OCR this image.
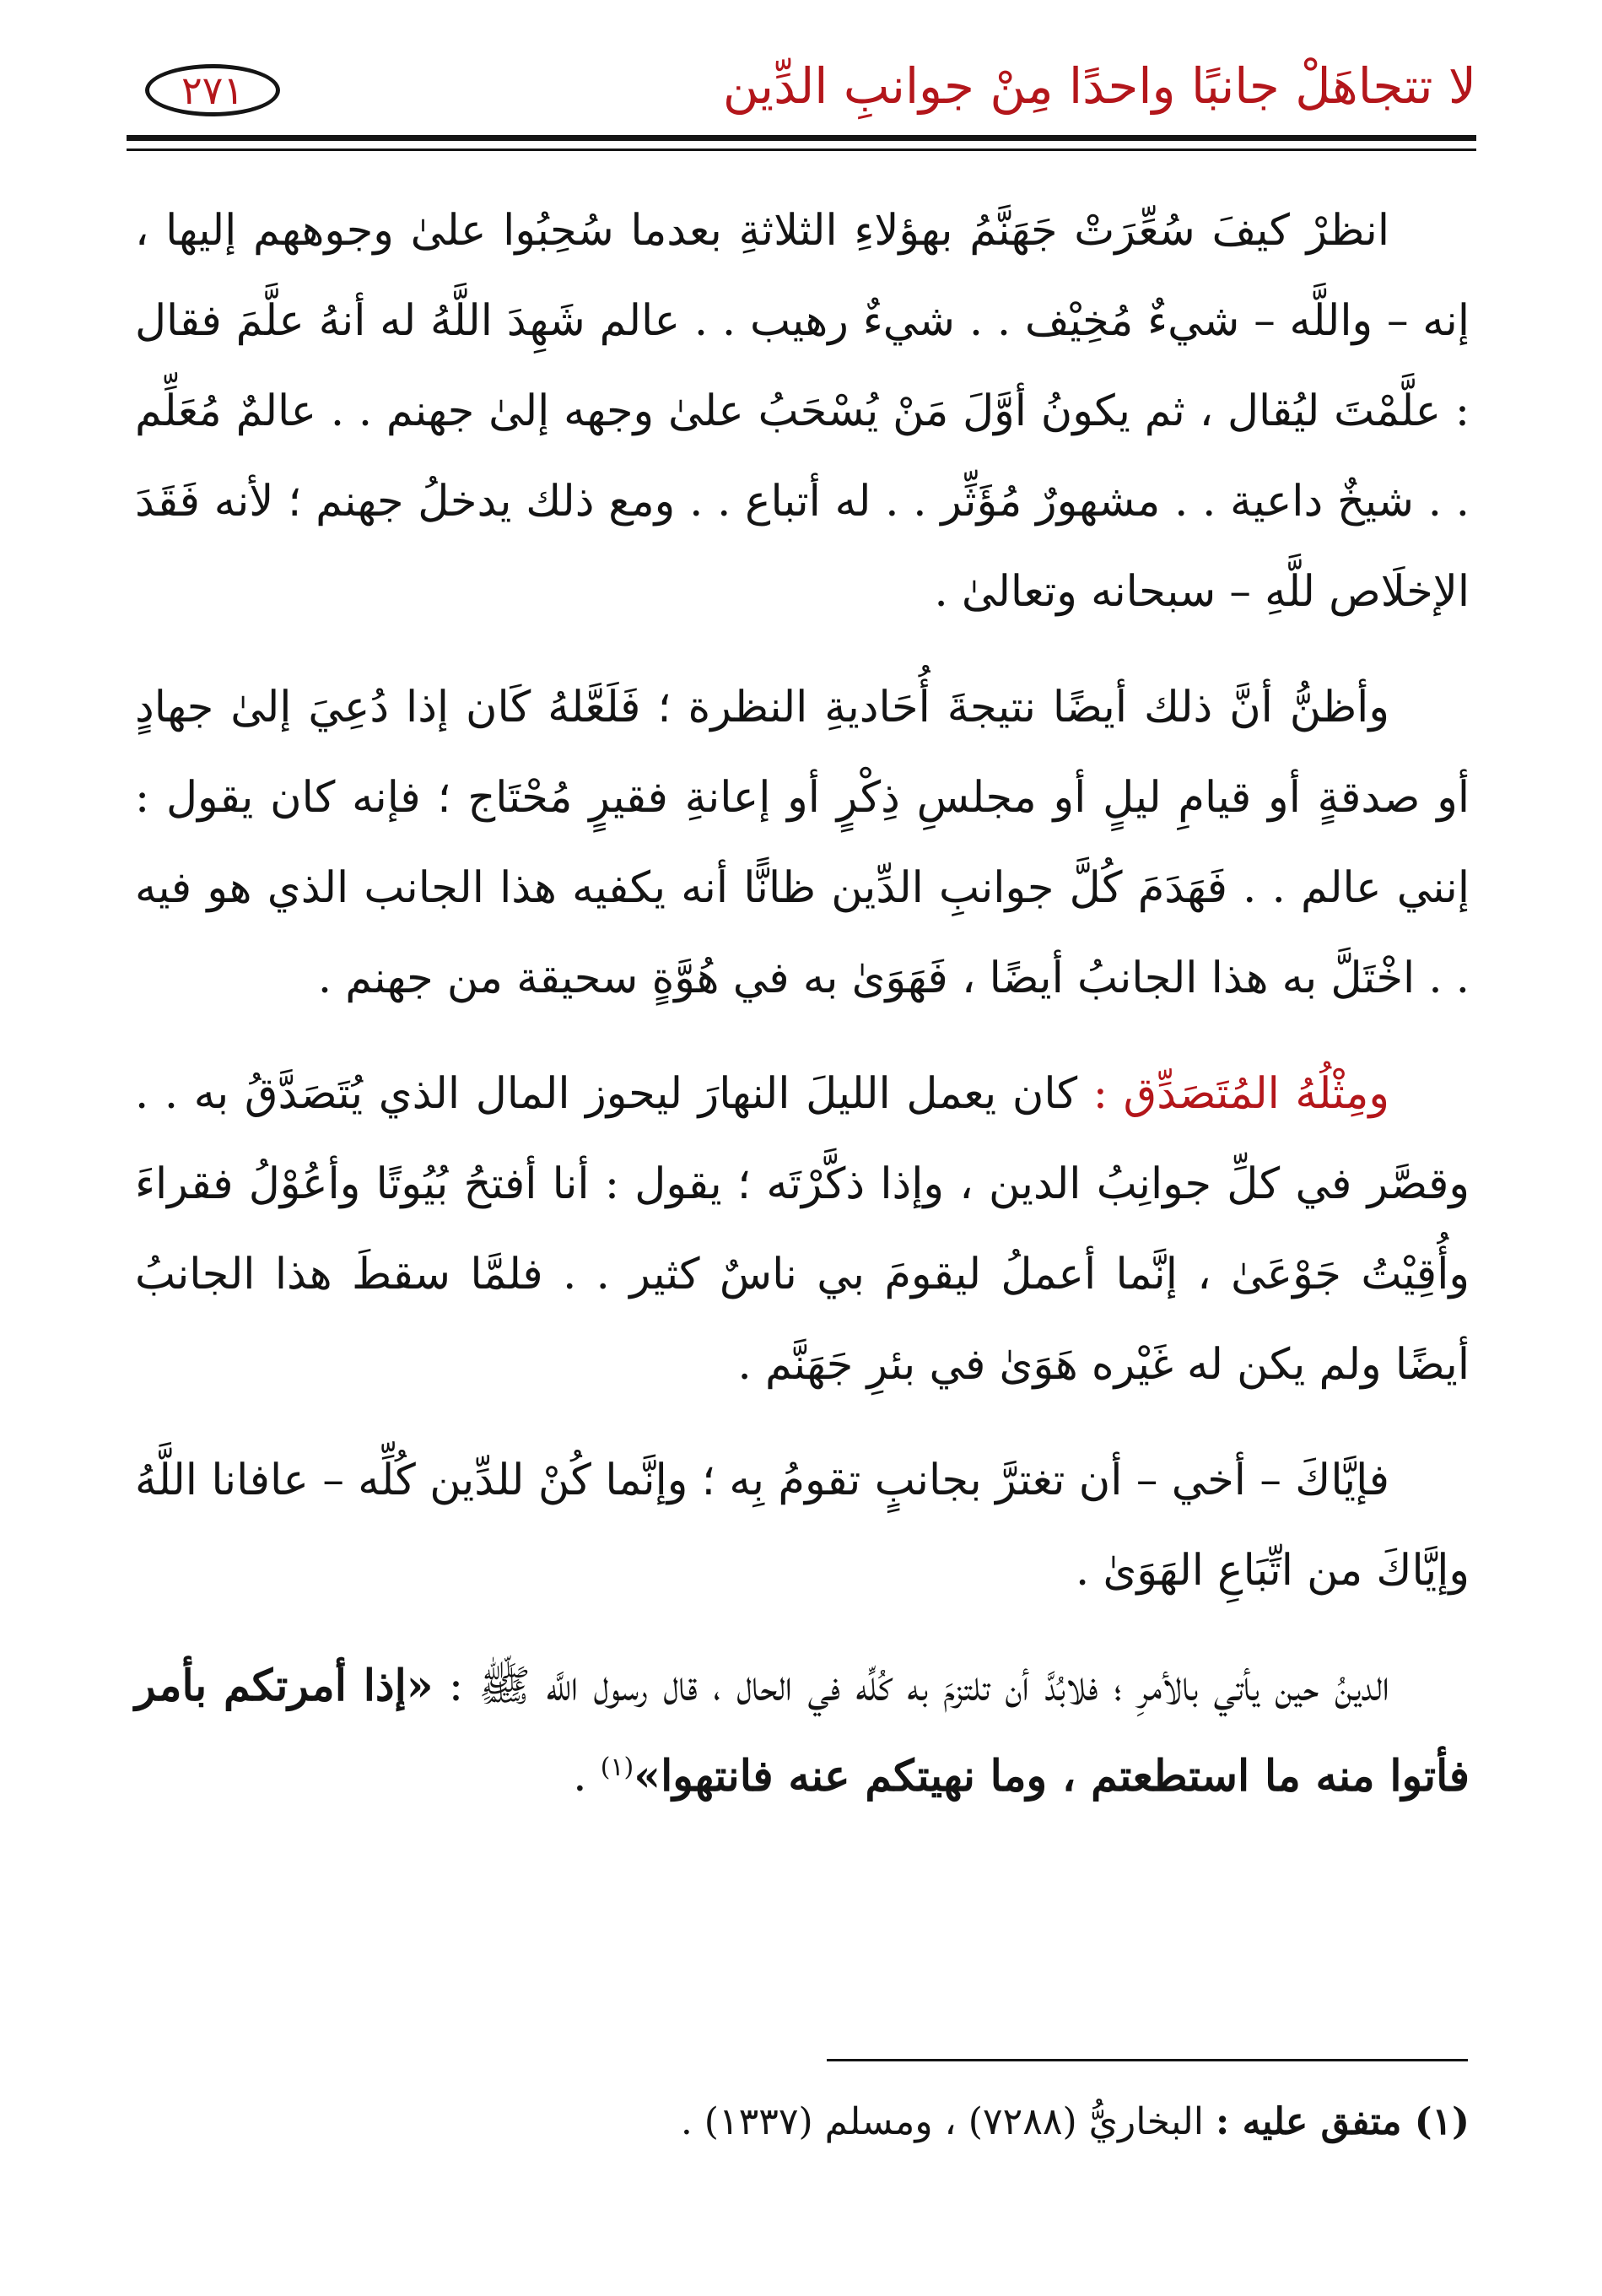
لا تتجاهَلْ جانبًا واحدًا مِنْ جوانبِ الدِّين
٢٧١

انظرْ كيفَ سُعِّرَتْ جَهَنَّمُ بهؤلاءِ الثلاثةِ بعدما سُحِبُوا علىٰ وجوههم إليها ، إنه – واللَّه – شيءٌ مُخِيْف . . شيءٌ رهيب . . عالم شَهِدَ اللَّهُ له أنهُ علَّمَ فقال : علَّمْتَ ليُقال ، ثم يكونُ أوَّلَ مَنْ يُسْحَبُ علىٰ وجهه إلىٰ جهنم . . عالمٌ مُعَلِّم . . شيخٌ داعية . . مشهورٌ مُؤَثِّر . . له أتباع . . ومع ذلك يدخلُ جهنم ؛ لأنه فَقَدَ الإخلَاص للَّهِ – سبحانه وتعالىٰ .

وأظنُّ أنَّ ذلك أيضًا نتيجةَ أُحَاديةِ النظرة ؛ فَلَعَّلهُ كَان إذا دُعِيَ إلىٰ جهادٍ أو صدقةٍ أو قيامِ ليلٍ أو مجلسِ ذِكْرٍ أو إعانةِ فقيرٍ مُحْتَاج ؛ فإنه كان يقول : إنني عالم . . فَهَدَمَ كُلَّ جوانبِ الدِّين ظانًّا أنه يكفيه هذا الجانب الذي هو فيه . . اخْتَلَّ به هذا الجانبُ أيضًا ، فَهَوَىٰ به في هُوَّةٍ سحيقة من جهنم .

ومِثْلُهُ المُتَصَدِّق : كان يعمل الليلَ النهارَ ليحوز المال الذي يُتَصَدَّقُ به . . وقصَّر في كلِّ جوانِبُ الدين ، وإذا ذكَّرْتَه ؛ يقول : أنا أفتحُ بُيُوتًا وأعُوْلُ فقراءَ وأُقِيْتُ جَوْعَىٰ ، إنَّما أعملُ ليقومَ بي ناسٌ كثير . . فلمَّا سقطَ هذا الجانبُ أيضًا ولم يكن له غَيْره هَوَىٰ في بئرِ جَهَنَّم .

فإيَّاكَ – أخي – أن تغترَّ بجانبٍ تقومُ بِه ؛ وإنَّما كُنْ للدِّين كُلِّه – عافانا اللَّهُ وإيَّاكَ من اتِّبَاعِ الهَوَىٰ .

الدينُ حين يأتي بالأمرِ ؛ فلابُدَّ أن تلتزمَ به كُلِّه في الحال ، قال رسول اللَّه ﷺ : «إذا أمرتكم بأمر فأتوا منه ما استطعتم ، وما نهيتكم عنه فانتهوا»$^{(١)}$ .

(١) متفق عليه : البخاريُّ (٧٢٨٨) ، ومسلم (١٣٣٧) .
